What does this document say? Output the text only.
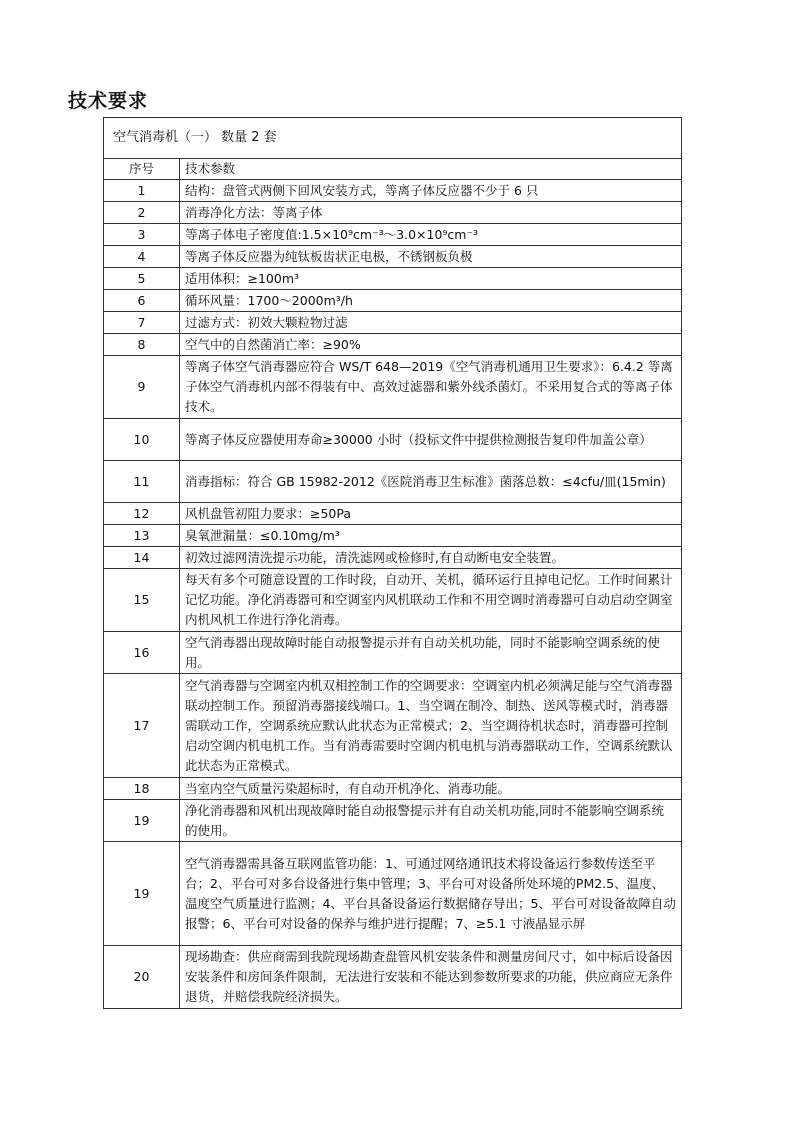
技术要求
空气消毒机（一） 数量 2 套	
序号	技术参数
1	结构：盘管式两侧下回风安装方式，等离子体反应器不少于 6 只
2	消毒净化方法：等离子体
3	等离子体电子密度值:1.5×10⁹cm⁻³～3.0×10⁹cm⁻³
4	等离子体反应器为纯钛板齿状正电极，不锈钢板负极
5	适用体积：≥100m³
6	循环风量：1700～2000m³/h
7	过滤方式：初效大颗粒物过滤
8	空气中的自然菌消亡率：≥90%
9	等离子体空气消毒器应符合 WS/T 648—2019《空气消毒机通用卫生要求》：6.4.2 等离子体空气消毒机内部不得装有中、高效过滤器和紫外线杀菌灯。不采用复合式的等离子体技术。
10	等离子体反应器使用寿命≥30000 小时（投标文件中提供检测报告复印件加盖公章）
11	消毒指标：符合 GB 15982-2012《医院消毒卫生标准》菌落总数：≤4cfu/皿(15min)
12	风机盘管初阻力要求：≥50Pa
13	臭氧泄漏量：≤0.10mg/m³
14	初效过滤网清洗提示功能，清洗滤网或检修时,有自动断电安全装置。
15	每天有多个可随意设置的工作时段，自动开、关机，循环运行且掉电记忆。工作时间累计记忆功能。净化消毒器可和空调室内风机联动工作和不用空调时消毒器可自动启动空调室内机风机工作进行净化消毒。
16	空气消毒器出现故障时能自动报警提示并有自动关机功能，同时不能影响空调系统的使用。
17	空气消毒器与空调室内机双相控制工作的空调要求：空调室内机必须满足能与空气消毒器联动控制工作。预留消毒器接线端口。1、当空调在制冷、制热、送风等模式时，消毒器需联动工作，空调系统应默认此状态为正常模式；2、当空调待机状态时，消毒器可控制启动空调内机电机工作。当有消毒需要时空调内机电机与消毒器联动工作，空调系统默认此状态为正常模式。
18	当室内空气质量污染超标时，有自动开机净化、消毒功能。
19	净化消毒器和风机出现故障时能自动报警提示并有自动关机功能,同时不能影响空调系统的使用。
19	空气消毒器需具备互联网监管功能：1、可通过网络通讯技术将设备运行参数传送至平台；2、平台可对多台设备进行集中管理；3、平台可对设备所处环境的PM2.5、温度、温度空气质量进行监测；4、平台具备设备运行数据储存导出；5、平台可对设备故障自动报警；6、平台可对设备的保养与维护进行提醒；7、≥5.1 寸液晶显示屏
20	现场勘查：供应商需到我院现场勘查盘管风机安装条件和测量房间尺寸，如中标后设备因安装条件和房间条件限制，无法进行安装和不能达到参数所要求的功能，供应商应无条件退货，并赔偿我院经济损失。
